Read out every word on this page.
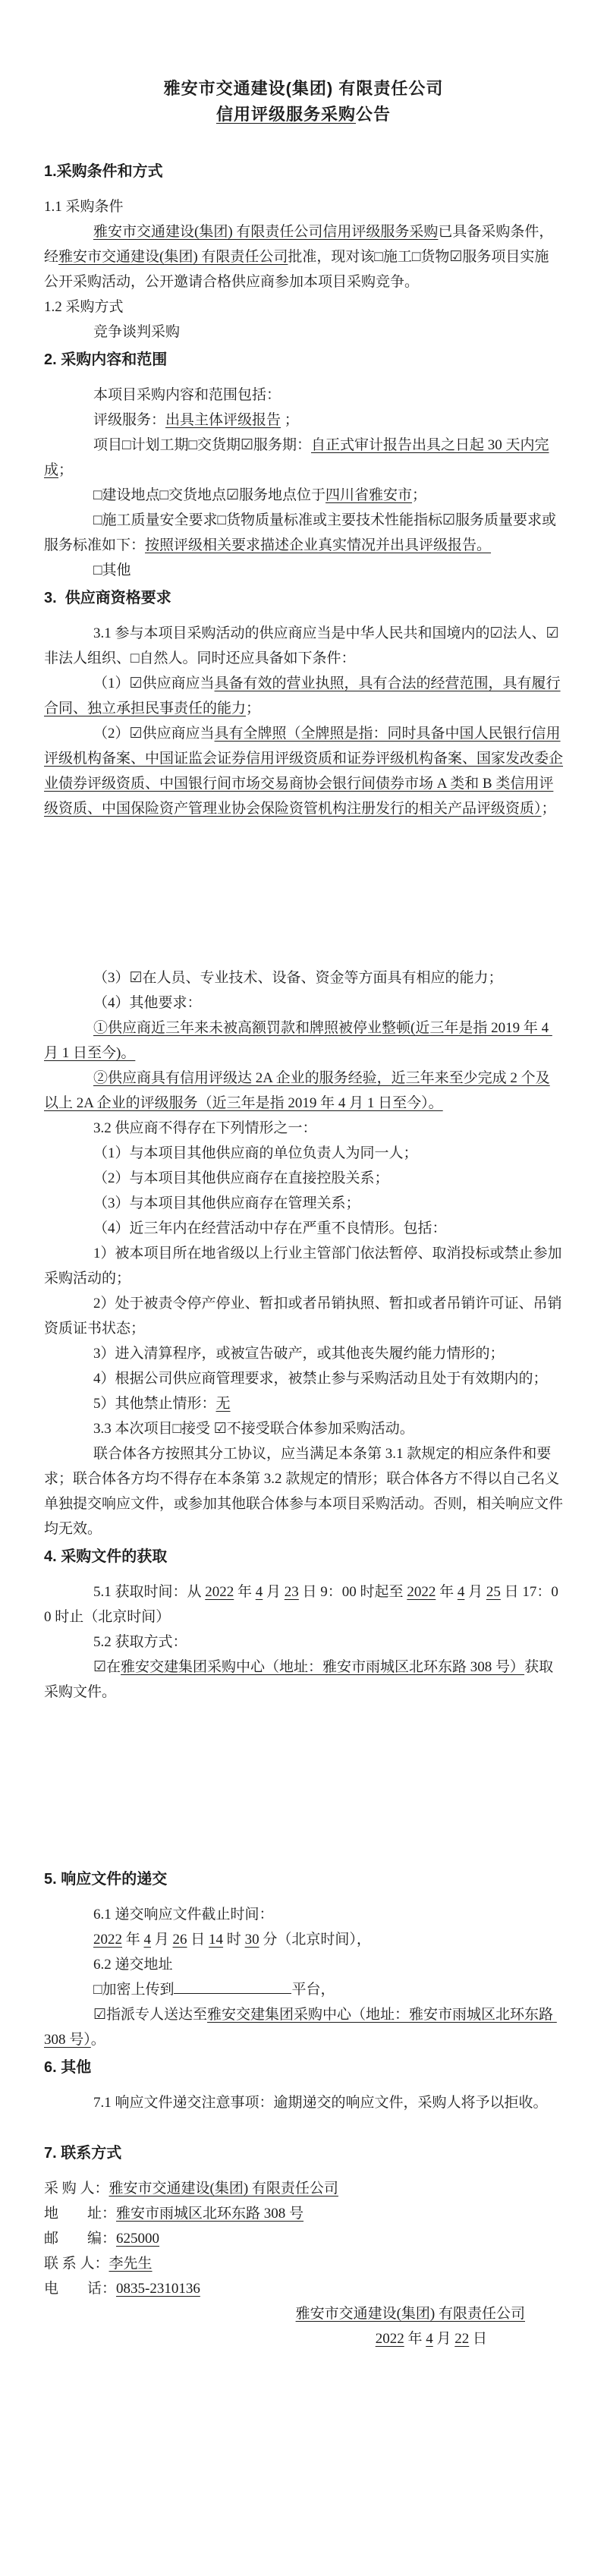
雅安市交通建设(集团) 有限责任公司
信用评级服务采购公告
1.采购条件和方式
1.1 采购条件
雅安市交通建设(集团) 有限责任公司信用评级服务采购已具备采购条件，经雅安市交通建设(集团) 有限责任公司批准，现对该□施工□货物☑服务项目实施公开采购活动，公开邀请合格供应商参加本项目采购竞争。
1.2 采购方式
竞争谈判采购
2. 采购内容和范围
本项目采购内容和范围包括：
评级服务：出具主体评级报告 ；
项目□计划工期□交货期☑服务期：自正式审计报告出具之日起 30 天内完成；
□建设地点□交货地点☑服务地点位于四川省雅安市；
□施工质量安全要求□货物质量标准或主要技术性能指标☑服务质量要求或服务标准如下：按照评级相关要求描述企业真实情况并出具评级报告。
□其他
3.  供应商资格要求
3.1 参与本项目采购活动的供应商应当是中华人民共和国境内的☑法人、☑非法人组织、□自然人。同时还应具备如下条件：
（1）☑供应商应当具备有效的营业执照，具有合法的经营范围，具有履行合同、独立承担民事责任的能力；
（2）☑供应商应当具有全牌照（全牌照是指：同时具备中国人民银行信用评级机构备案、中国证监会证券信用评级资质和证券评级机构备案、国家发改委企业债券评级资质、中国银行间市场交易商协会银行间债券市场 A 类和 B 类信用评级资质、中国保险资产管理业协会保险资管机构注册发行的相关产品评级资质）；
（3）☑在人员、专业技术、设备、资金等方面具有相应的能力；
（4）其他要求：
①供应商近三年来未被高额罚款和牌照被停业整顿(近三年是指 2019 年 4 月 1 日至今)。
②供应商具有信用评级达 2A 企业的服务经验，近三年来至少完成 2 个及以上 2A 企业的评级服务（近三年是指 2019 年 4 月 1 日至今）。
3.2 供应商不得存在下列情形之一：
（1）与本项目其他供应商的单位负责人为同一人；
（2）与本项目其他供应商存在直接控股关系；
（3）与本项目其他供应商存在管理关系；
（4）近三年内在经营活动中存在严重不良情形。包括：
1）被本项目所在地省级以上行业主管部门依法暂停、取消投标或禁止参加采购活动的；
2）处于被责令停产停业、暂扣或者吊销执照、暂扣或者吊销许可证、吊销资质证书状态；
3）进入清算程序，或被宣告破产，或其他丧失履约能力情形的；
4）根据公司供应商管理要求，被禁止参与采购活动且处于有效期内的；
5）其他禁止情形：无
3.3 本次项目□接受 ☑不接受联合体参加采购活动。
联合体各方按照其分工协议，应当满足本条第 3.1 款规定的相应条件和要求；联合体各方均不得存在本条第 3.2 款规定的情形；联合体各方不得以自己名义单独提交响应文件，或参加其他联合体参与本项目采购活动。否则，相关响应文件均无效。
4. 采购文件的获取
5.1 获取时间：从 2022 年 4 月 23 日 9：00 时起至 2022 年 4 月 25 日 17：00 时止（北京时间）
5.2 获取方式：
☑在雅安交建集团采购中心（地址：雅安市雨城区北环东路 308 号）获取采购文件。
5. 响应文件的递交
6.1 递交响应文件截止时间：
2022 年 4 月 26 日 14 时 30 分（北京时间），
6.2 递交地址
□加密上传到	平台，
☑指派专人送达至雅安交建集团采购中心（地址：雅安市雨城区北环东路 308 号）。
6. 其他
7.1 响应文件递交注意事项：逾期递交的响应文件，采购人将予以拒收。
7. 联系方式
采 购 人：雅安市交通建设(集团) 有限责任公司
地　　址：雅安市雨城区北环东路 308 号
邮　　编：625000
联 系 人：李先生
电　　话：0835-2310136
雅安市交通建设(集团) 有限责任公司
2022 年 4 月 22 日
